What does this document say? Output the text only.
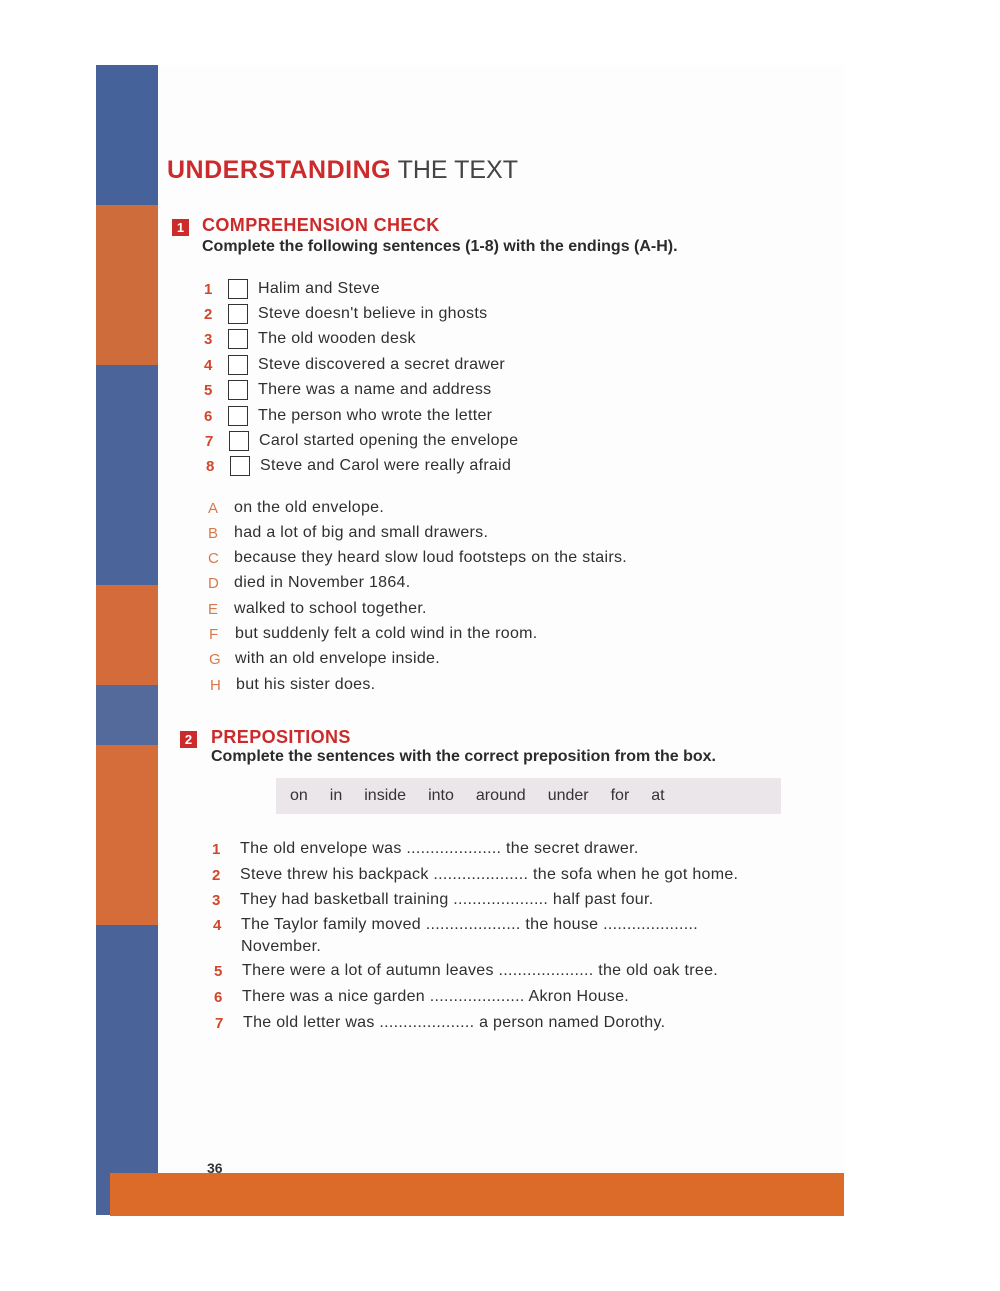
UNDERSTANDING THE TEXT
1 COMPREHENSION CHECK
Complete the following sentences (1-8) with the endings (A-H).
1	Halim and Steve
2	Steve doesn't believe in ghosts
3	The old wooden desk
4	Steve discovered a secret drawer
5	There was a name and address
6	The person who wrote the letter
7	Carol started opening the envelope
8	Steve and Carol were really afraid
A on the old envelope.
B had a lot of big and small drawers.
C because they heard slow loud footsteps on the stairs.
D died in November 1864.
E walked to school together.
F	but suddenly felt a cold wind in the room.
G with an old envelope inside.
H but his sister does.
2 PREPOSITIONS
Complete the sentences with the correct preposition from the box.
on in inside into around under for at
1	The old envelope was .................... the secret drawer.
2	Steve threw his backpack .................... the sofa when he got home.
3	They had basketball training .................... half past four.
4	The Taylor family moved .................... the house ....................
November.
5	There were a lot of autumn leaves .................... the old oak tree.
6	There was a nice garden .................... Akron House.
7	The old letter was .................... a person named Dorothy.
36
